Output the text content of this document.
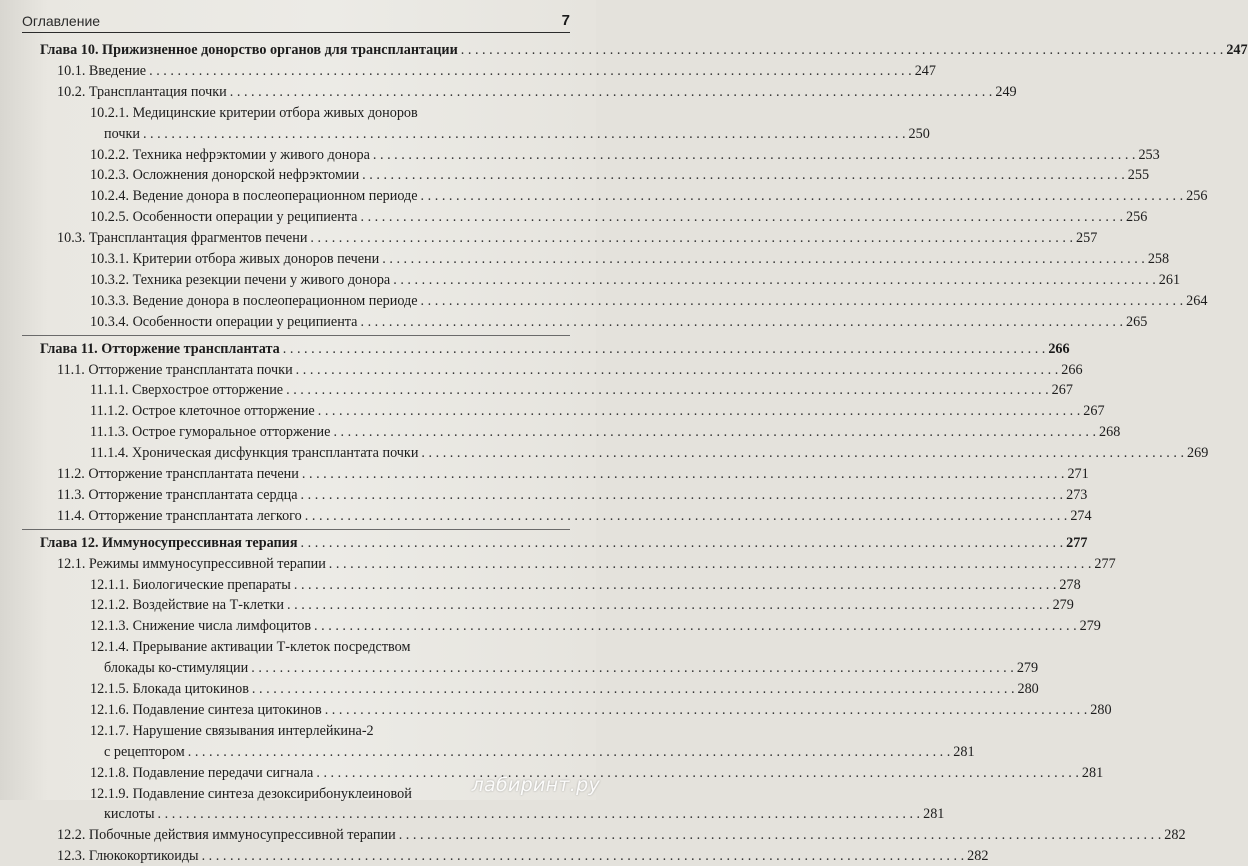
Оглавление	7
Глава 10. Прижизненное донорство органов для трансплантации . . .	247
10.1. Введение . . .	247
10.2. Трансплантация почки . . .	249
10.2.1. Медицинские критерии отбора живых доноров
почки . . .	250
10.2.2. Техника нефрэктомии у живого донора . . .	253
10.2.3. Осложнения донорской нефрэктомии . . .	255
10.2.4. Ведение донора в послеоперационном периоде . . .	256
10.2.5. Особенности операции у реципиента . . .	256
10.3. Трансплантация фрагментов печени . . .	257
10.3.1. Критерии отбора живых доноров печени . . .	258
10.3.2. Техника резекции печени у живого донора . . .	261
10.3.3. Ведение донора в послеоперационном периоде . . .	264
10.3.4. Особенности операции у реципиента . . .	265
Глава 11. Отторжение трансплантата . . .	266
11.1. Отторжение трансплантата почки . . .	266
11.1.1. Сверхострое отторжение . . .	267
11.1.2. Острое клеточное отторжение . . .	267
11.1.3. Острое гуморальное отторжение . . .	268
11.1.4. Хроническая дисфункция трансплантата почки . . .	269
11.2. Отторжение трансплантата печени . . .	271
11.3. Отторжение трансплантата сердца . . .	273
11.4. Отторжение трансплантата легкого . . .	274
Глава 12. Иммуносупрессивная терапия . . .	277
12.1. Режимы иммуносупрессивной терапии . . .	277
12.1.1. Биологические препараты . . .	278
12.1.2. Воздействие на Т-клетки . . .	279
12.1.3. Снижение числа лимфоцитов . . .	279
12.1.4. Прерывание активации Т-клеток посредством
блокады ко-стимуляции . . .	279
12.1.5. Блокада цитокинов . . .	280
12.1.6. Подавление синтеза цитокинов . . .	280
12.1.7. Нарушение связывания интерлейкина-2
с рецептором . . .	281
12.1.8. Подавление передачи сигнала . . .	281
12.1.9. Подавление синтеза дезоксирибонуклеиновой
кислоты . . .	281
12.2. Побочные действия иммуносупрессивной терапии . . .	282
12.3. Глюкокортикоиды . . .	282
лабиринт.ру
